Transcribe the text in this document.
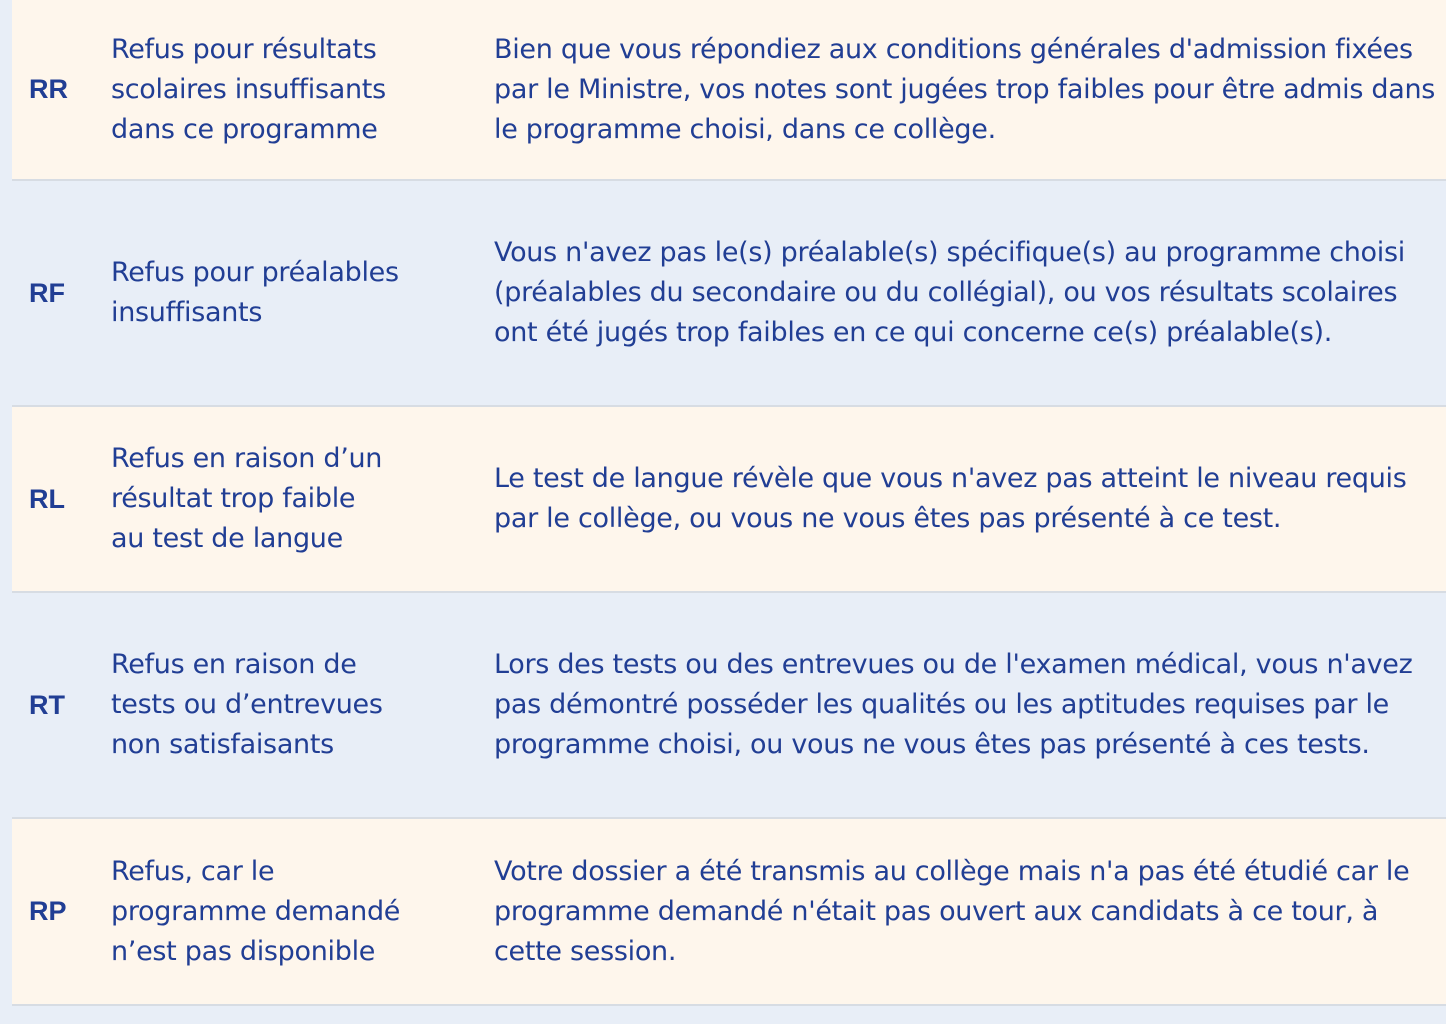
RR
Refus pour résultats
scolaires insuffisants
dans ce programme
Bien que vous répondiez aux conditions générales d'admission fixées par le Ministre, vos notes sont jugées trop faibles pour être admis dans le programme choisi, dans ce collège.
RF
Refus pour préalables
insuffisants
Vous n'avez pas le(s) préalable(s) spécifique(s) au programme choisi (préalables du secondaire ou du collégial), ou vos résultats scolaires ont été jugés trop faibles en ce qui concerne ce(s) préalable(s).
RL
Refus en raison d’un
résultat trop faible
au test de langue
Le test de langue révèle que vous n'avez pas atteint le niveau requis par le collège, ou vous ne vous êtes pas présenté à ce test.
RT
Refus en raison de
tests ou d’entrevues
non satisfaisants
Lors des tests ou des entrevues ou de l'examen médical, vous n'avez pas démontré posséder les qualités ou les aptitudes requises par le programme choisi, ou vous ne vous êtes pas présenté à ces tests.
RP
Refus, car le
programme demandé
n’est pas disponible
Votre dossier a été transmis au collège mais n'a pas été étudié car le programme demandé n'était pas ouvert aux candidats à ce tour, à cette session.
